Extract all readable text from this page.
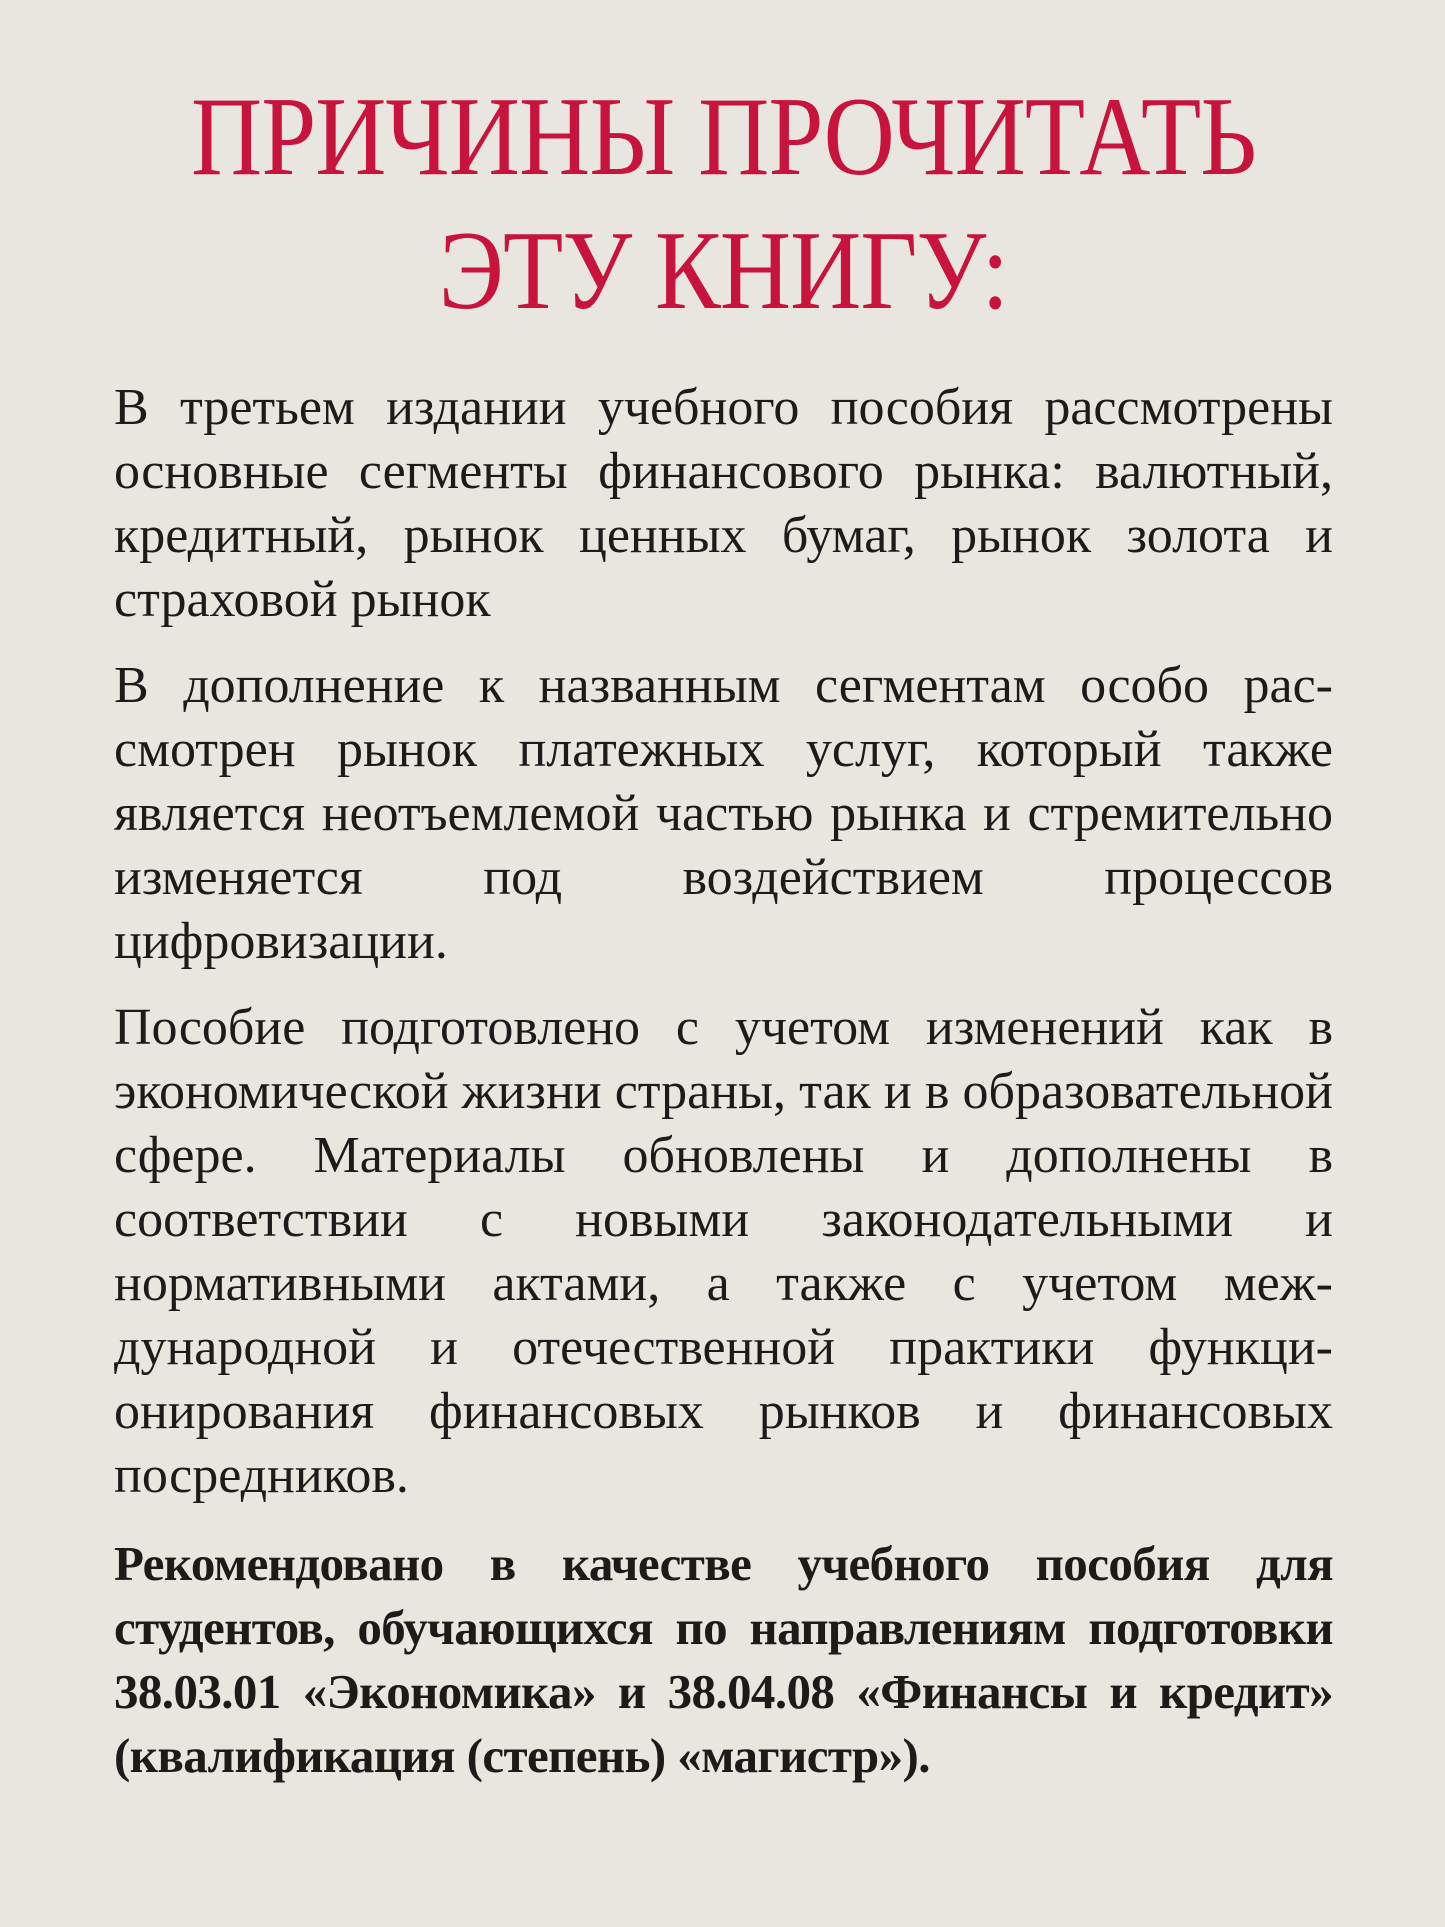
ПРИЧИНЫ ПРОЧИТАТЬ
ЭТУ КНИГУ:

В третьем издании учебного пособия рассмотрены основные сегменты финансового рынка: валютный, кредитный, рынок ценных бумаг, рынок золота и страховой рынок

В дополнение к названным сегментам особо рассмотрен рынок платежных услуг, который также является неотъемлемой частью рынка и стремительно изменяется под воздействием процессов цифровизации.

Пособие подготовлено с учетом изменений как в экономической жизни страны, так и в образовательной сфере. Материалы обновлены и дополнены в соответствии с новыми законодательными и нормативными актами, а также с учетом международной и отечественной практики функционирования финансовых рынков и финансовых посредников.

Рекомендовано в качестве учебного пособия для студентов, обучающихся по направлениям подготовки 38.03.01 «Экономика» и 38.04.08 «Финансы и кредит» (квалификация (степень) «магистр»).
